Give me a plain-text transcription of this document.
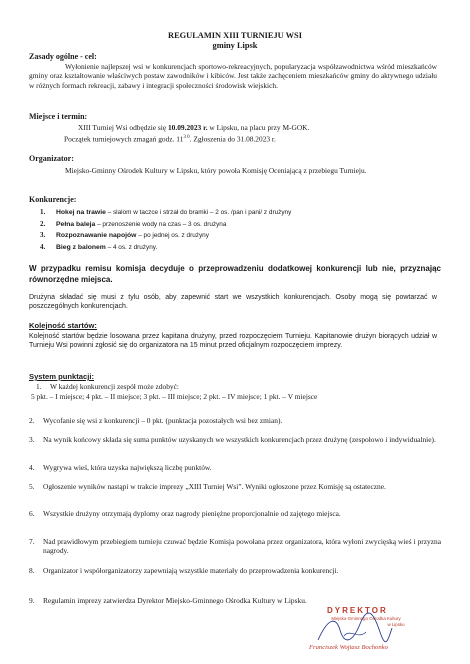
REGULAMIN XIII TURNIEJU WSI
gminy Lipsk
Zasady ogólne - cel:
Wyłonienie najlepszej wsi w konkurencjach sportowo-rekreacyjnych, popularyzacja współzawodnictwa wśród mieszkańców gminy oraz kształtowanie właściwych postaw zawodników i kibiców. Jest także zachęceniem mieszkańców gminy do aktywnego udziału w różnych formach rekreacji, zabawy i integracji społeczności środowisk wiejskich.
Miejsce i termin:
XIII Turniej Wsi odbędzie się 10.09.2023 r. w Lipsku, na placu przy M-GOK.
Początek turniejowych zmagań godz. $11^{3 0}$. Zgłoszenia do 31.08.2023 r.
Organizator:
Miejsko-Gminny Ośrodek Kultury w Lipsku, który powoła Komisję Oceniającą z przebiegu Turnieju.
Konkurencje:
1.	Hokej na trawie – slalom w taczce i strzał do bramki – 2 os. /pan i pani/ z drużyny
2.	Pełna baleja – przenoszenie wody na czas – 3 os. drużyna
3.	Rozpoznawanie napojów – po jednej os. z drużyny
4.	Bieg z balonem – 4 os. z drużyny.
W przypadku remisu komisja decyduje o przeprowadzeniu dodatkowej konkurencji lub nie, przyznając równorzędne miejsca.
Drużyna składać się musi z tylu osób, aby zapewnić start we wszystkich konkurencjach. Osoby mogą się powtarzać w poszczególnych konkurencjach.
Kolejność startów:
Kolejność startów będzie losowana przez kapitana drużyny, przed rozpoczęciem Turnieju. Kapitanowie drużyn biorących udział w Turnieju Wsi powinni zgłosić się do organizatora na 15 minut przed oficjalnym rozpoczęciem imprezy.
System punktacji:
1.	W każdej konkurencji zespół może zdobyć:
5 pkt. – I miejsce; 4 pkt. – II miejsce; 3 pkt. – III miejsce; 2 pkt. – IV miejsce; 1 pkt. – V miejsce
2.	Wycofanie się wsi z konkurencji – 0 pkt. (punktacja pozostałych wsi bez zmian).
3.	Na wynik końcowy składa się suma punktów uzyskanych we wszystkich konkurencjach przez drużynę (zespołowo i indywidualnie).
4.	Wygrywa wieś, która uzyska największą liczbę punktów.
5.	Ogłoszenie wyników nastąpi w trakcie imprezy „XIII Turniej Wsi”. Wyniki ogłoszone przez Komisję są ostateczne.
6.	Wszystkie drużyny otrzymają dyplomy oraz nagrody pieniężne proporcjonalnie od zajętego miejsca.
7.	Nad prawidłowym przebiegiem turnieju czuwać będzie Komisja powołana przez organizatora, która wyłoni zwycięską wieś i przyzna nagrody.
8.	Organizator i współorganizatorzy zapewniają wszystkie materiały do przeprowadzenia konkurencji.
9.	Regulamin imprezy zatwierdza Dyrektor Miejsko-Gminnego Ośrodka Kultury w Lipsku.
DYREKTOR
Miejsko-Gminnego Ośrodka Kultury
w Lipsku
Franciszek Wojtasz Bochonko
